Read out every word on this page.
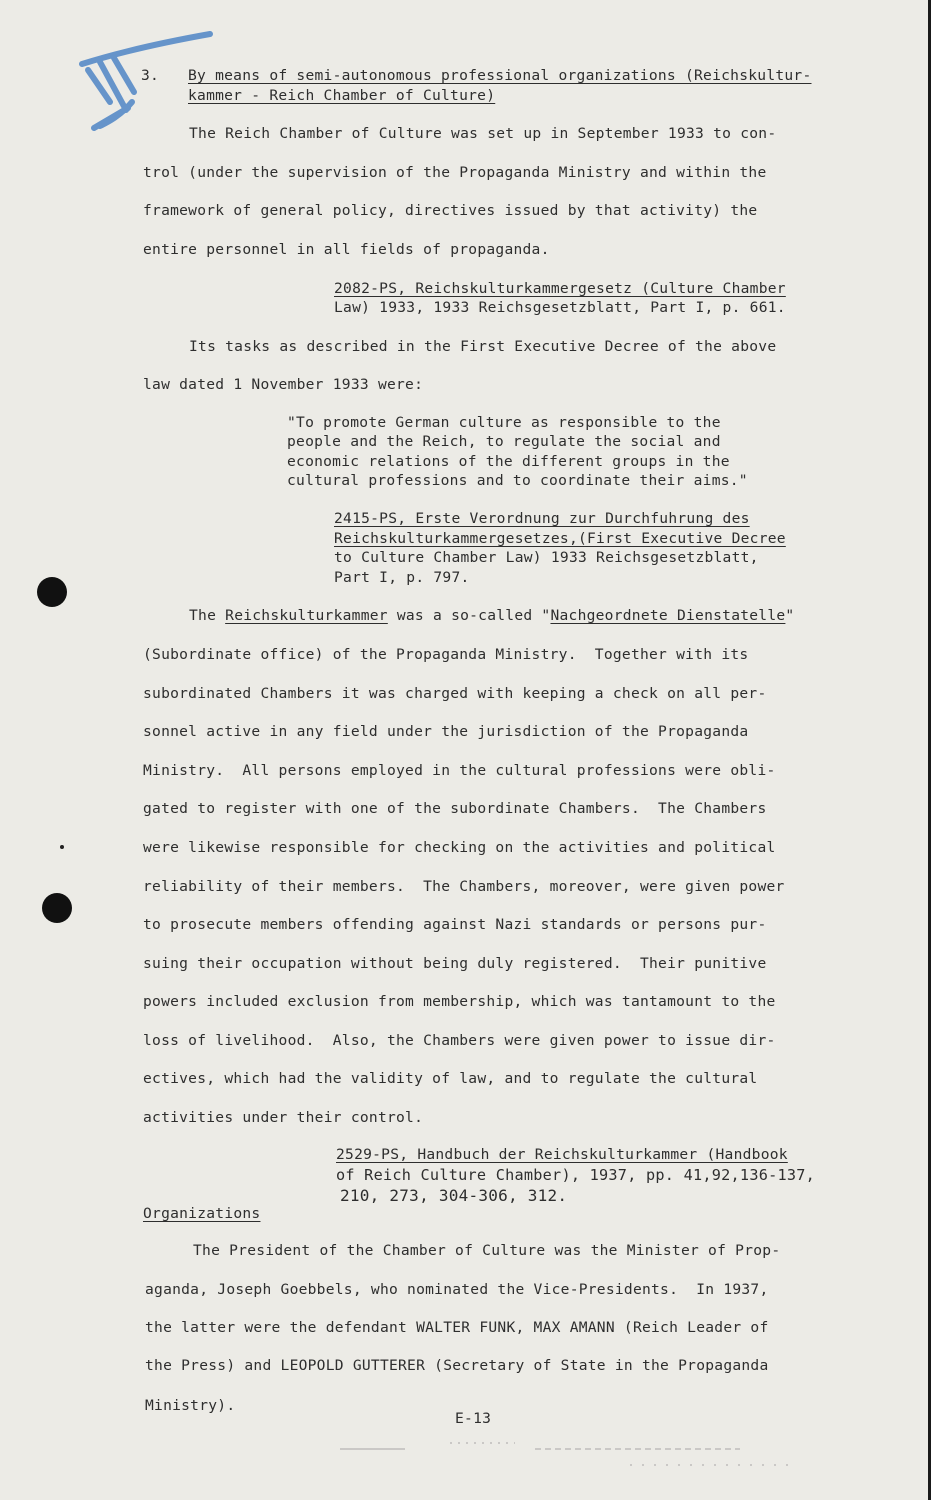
3. By means of semi-autonomous professional organizations (Reichskultur-
kammer - Reich Chamber of Culture)
The Reich Chamber of Culture was set up in September 1933 to con-
trol (under the supervision of the Propaganda Ministry and within the
framework of general policy, directives issued by that activity) the
entire personnel in all fields of propaganda.
2082-PS, Reichskulturkammergesetz (Culture Chamber
Law) 1933, 1933 Reichsgesetzblatt, Part I, p. 661.
Its tasks as described in the First Executive Decree of the above
law dated 1 November 1933 were:
"To promote German culture as responsible to the
people and the Reich, to regulate the social and
economic relations of the different groups in the
cultural professions and to coordinate their aims."
2415-PS, Erste Verordnung zur Durchfuhrung des
Reichskulturkammergesetzes,(First Executive Decree
to Culture Chamber Law) 1933 Reichsgesetzblatt,
Part I, p. 797.
The Reichskulturkammer was a so-called "Nachgeordnete Dienstatelle"
(Subordinate office) of the Propaganda Ministry.  Together with its
subordinated Chambers it was charged with keeping a check on all per-
sonnel active in any field under the jurisdiction of the Propaganda
Ministry.  All persons employed in the cultural professions were obli-
gated to register with one of the subordinate Chambers.  The Chambers
were likewise responsible for checking on the activities and political
reliability of their members.  The Chambers, moreover, were given power
to prosecute members offending against Nazi standards or persons pur-
suing their occupation without being duly registered.  Their punitive
powers included exclusion from membership, which was tantamount to the
loss of livelihood.  Also, the Chambers were given power to issue dir-
ectives, which had the validity of law, and to regulate the cultural
activities under their control.
2529-PS, Handbuch der Reichskulturkammer (Handbook
of Reich Culture Chamber), 1937, pp. 41,92,136-137,
210, 273, 304-306, 312.
Organizations
The President of the Chamber of Culture was the Minister of Prop-
aganda, Joseph Goebbels, who nominated the Vice-Presidents.  In 1937,
the latter were the defendant WALTER FUNK, MAX AMANN (Reich Leader of
the Press) and LEOPOLD GUTTERER (Secretary of State in the Propaganda
Ministry).
E-13
